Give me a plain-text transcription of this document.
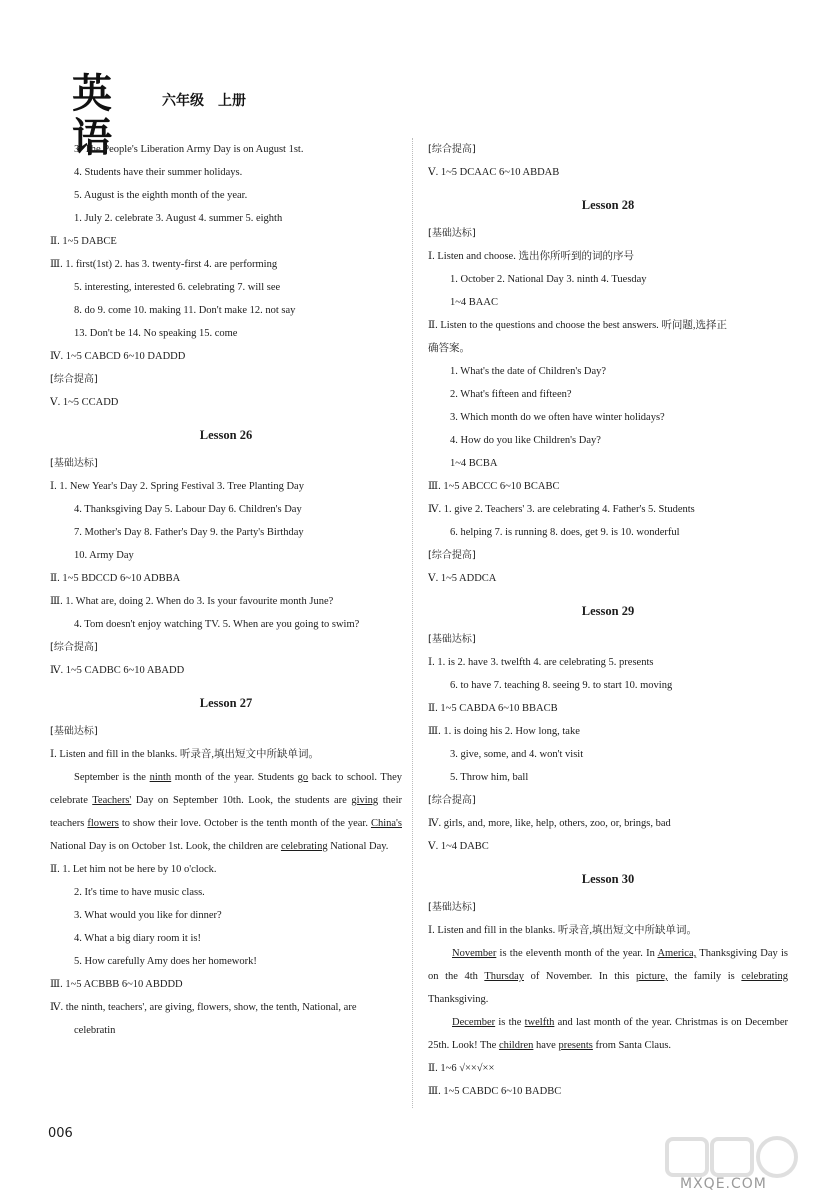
英语
六年级 上册
3. The People's Liberation Army Day is on August 1st.
4. Students have their summer holidays.
5. August is the eighth month of the year.
1. July 2. celebrate 3. August 4. summer 5. eighth
Ⅱ. 1~5 DABCE
Ⅲ. 1. first(1st) 2. has 3. twenty-first 4. are performing
5. interesting, interested 6. celebrating 7. will see
8. do 9. come 10. making 11. Don't make 12. not say
13. Don't be 14. No speaking 15. come
Ⅳ. 1~5 CABCD 6~10 DADDD
[综合提高]
Ⅴ. 1~5 CCADD
Lesson 26
[基础达标]
Ⅰ. 1. New Year's Day 2. Spring Festival 3. Tree Planting Day
4. Thanksgiving Day 5. Labour Day 6. Children's Day
7. Mother's Day 8. Father's Day 9. the Party's Birthday
10. Army Day
Ⅱ. 1~5 BDCCD 6~10 ADBBA
Ⅲ. 1. What are, doing 2. When do 3. Is your favourite month June?
4. Tom doesn't enjoy watching TV. 5. When are you going to swim?
[综合提高]
Ⅳ. 1~5 CADBC 6~10 ABADD
Lesson 27
[基础达标]
Ⅰ. Listen and fill in the blanks. 听录音,填出短文中所缺单词。
September is the ninth month of the year. Students go back to school. They celebrate Teachers' Day on September 10th. Look, the students are giving their teachers flowers to show their love. October is the tenth month of the year. China's National Day is on October 1st. Look, the children are celebrating National Day.
Ⅱ. 1. Let him not be here by 10 o'clock.
2. It's time to have music class.
3. What would you like for dinner?
4. What a big diary room it is!
5. How carefully Amy does her homework!
Ⅲ. 1~5 ACBBB 6~10 ABDDD
Ⅳ. the ninth, teachers', are giving, flowers, show, the tenth, National, are
celebratin
[综合提高]
Ⅴ. 1~5 DCAAC 6~10 ABDAB
Lesson 28
[基础达标]
Ⅰ. Listen and choose. 选出你所听到的词的序号
1. October 2. National Day 3. ninth 4. Tuesday
1~4 BAAC
Ⅱ. Listen to the questions and choose the best answers. 听问题,选择正
确答案。
1. What's the date of Children's Day?
2. What's fifteen and fifteen?
3. Which month do we often have winter holidays?
4. How do you like Children's Day?
1~4 BCBA
Ⅲ. 1~5 ABCCC 6~10 BCABC
Ⅳ. 1. give 2. Teachers' 3. are celebrating 4. Father's 5. Students
6. helping 7. is running 8. does, get 9. is 10. wonderful
[综合提高]
Ⅴ. 1~5 ADDCA
Lesson 29
[基础达标]
Ⅰ. 1. is 2. have 3. twelfth 4. are celebrating 5. presents
6. to have 7. teaching 8. seeing 9. to start 10. moving
Ⅱ. 1~5 CABDA 6~10 BBACB
Ⅲ. 1. is doing his 2. How long, take
3. give, some, and 4. won't visit
5. Throw him, ball
[综合提高]
Ⅳ. girls, and, more, like, help, others, zoo, or, brings, bad
Ⅴ. 1~4 DABC
Lesson 30
[基础达标]
Ⅰ. Listen and fill in the blanks. 听录音,填出短文中所缺单词。
November is the eleventh month of the year. In America, Thanksgiving Day is on the 4th Thursday of November. In this picture, the family is celebrating Thanksgiving.
December is the twelfth and last month of the year. Christmas is on December 25th. Look! The children have presents from Santa Claus.
Ⅱ. 1~6 √××√××
Ⅲ. 1~5 CABDC 6~10 BADBC
006
MXQE.COM
